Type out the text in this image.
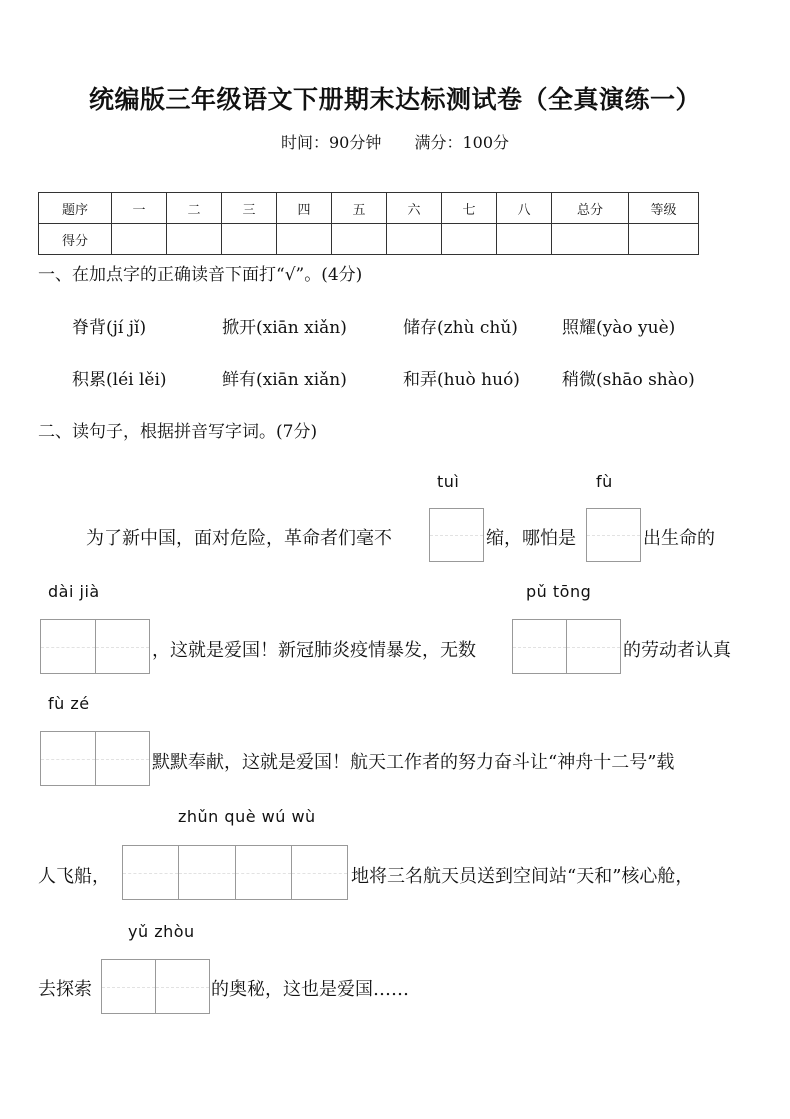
统编版三年级语文下册期末达标测试卷（全真演练一）
时间：90分钟 满分：100分
题序	一	二	三	四	五	六	七	八	总分	等级
得分										
一、在加点字的正确读音下面打“√”。(4分)
脊背(jí jǐ)	掀开(xiān xiǎn)	储存(zhù chǔ)	照耀(yào yuè)
积累(léi lěi)	鲜有(xiān xiǎn)	和弄(huò huó) 稍微(shāo shào)
二、读句子，根据拼音写字词。(7分)
tuì	fù
为了新中国，面对危险，革命者们毫不	缩，哪怕是	出生命的
dài jià	pǔ tōng
，这就是爱国！新冠肺炎疫情暴发，无数	的劳动者认真
fù zé
默默奉献，这就是爱国！航天工作者的努力奋斗让“神舟十二号”载
zhǔn què wú wù
人飞船，	地将三名航天员送到空间站“天和”核心舱，
yǔ zhòu
去探索	的奥秘，这也是爱国……
